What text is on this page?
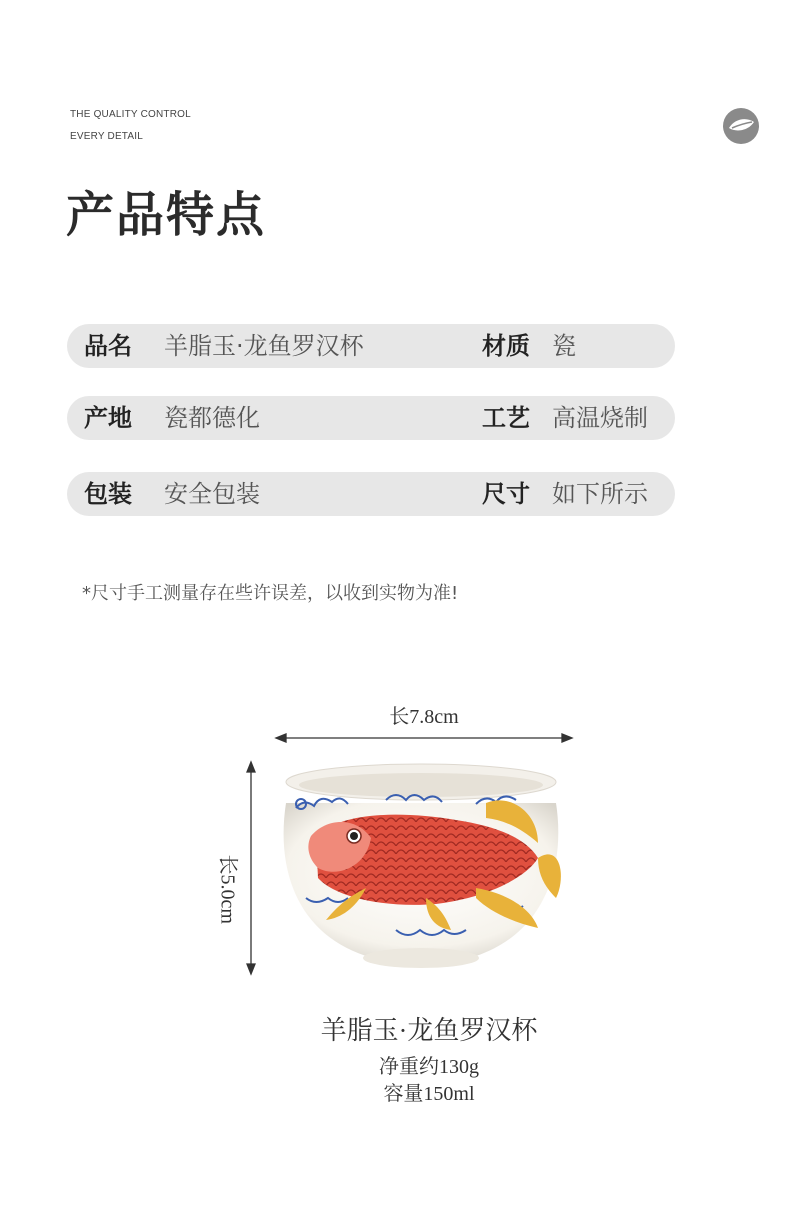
THE QUALITY CONTROL
EVERY DETAIL
产品特点
品名 羊脂玉·龙鱼罗汉杯	材质 瓷
产地 瓷都德化	工艺 高温烧制
包装 安全包装	尺寸 如下所示
*尺寸手工测量存在些许误差，以收到实物为准!
长7.8cm
长5.0cm
羊脂玉·龙鱼罗汉杯
净重约130g
容量150ml
